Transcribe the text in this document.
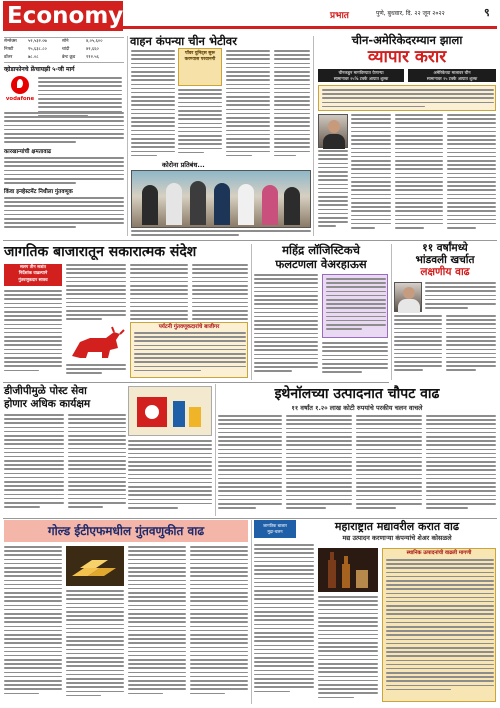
Economy	प्रभात	पुणे, बुधवार, दि. २२ जून २०२२	९
सेन्सेक्स	५२,५३२.०७	सोने	४,०५,६००
निफ्टी	१५,६३८.८०	चांदी	४२,६६०
डॉलर	७८.०८	ब्रेन्ट क्रूड	११२.५६
व्होडाफोनचे फ्रेंचायझी ५-जी मार्ग
vodafone
कारखान्यांची क्षमतावाढ
किंवा इन्व्हेस्टमेंट निधीला गुंतवणूक
वाहन कंपन्या चीन भेटीवर
पॉवर युनिट्स सुरू करण्यास परवानगी
कोरोना प्रतिबंध...
चीन-अमेरिकेदरम्यान झाला
व्यापार करार
चीनकडून मागविण्यात येणाऱ्या
सामानावर २५% टक्के आयात शुल्क
अमेरिकेच्या मालावर चीन
सामानावर २५ टक्के आयात शुल्क
जागतिक बाजारातून सकारात्मक संदेश
सलग तीन सत्रांत
निर्देशांक वाढल्याने
गुंतवणूकदार सावध
पर्यटनी गुंतवणूकदारांचे बाजीगर
महिंद्र लॉजिस्टिकचे
फलटणला वेअरहाऊस
११ वर्षांमध्ये
भांडवली खर्चात
लक्षणीय वाढ
डीजीपीमुळे पोस्ट सेवा
होणार अधिक कार्यक्षम
इथेनॉलच्या उत्पादनात चौपट वाढ
११ वर्षांत १.२० लाख कोटी रुपयांचे परकीय चलन वाचले
गोल्ड ईटीएफमधील गुंतवणुकीत वाढ	जागतिक बाजार
मुद्रा-चलन	महाराष्ट्रात मद्यावरील करात वाढ
मद्य उत्पादन करणाऱ्या कंपन्यांचे शेअर कोसळले
स्थानिक उत्पादनांची वाढली मागणी
